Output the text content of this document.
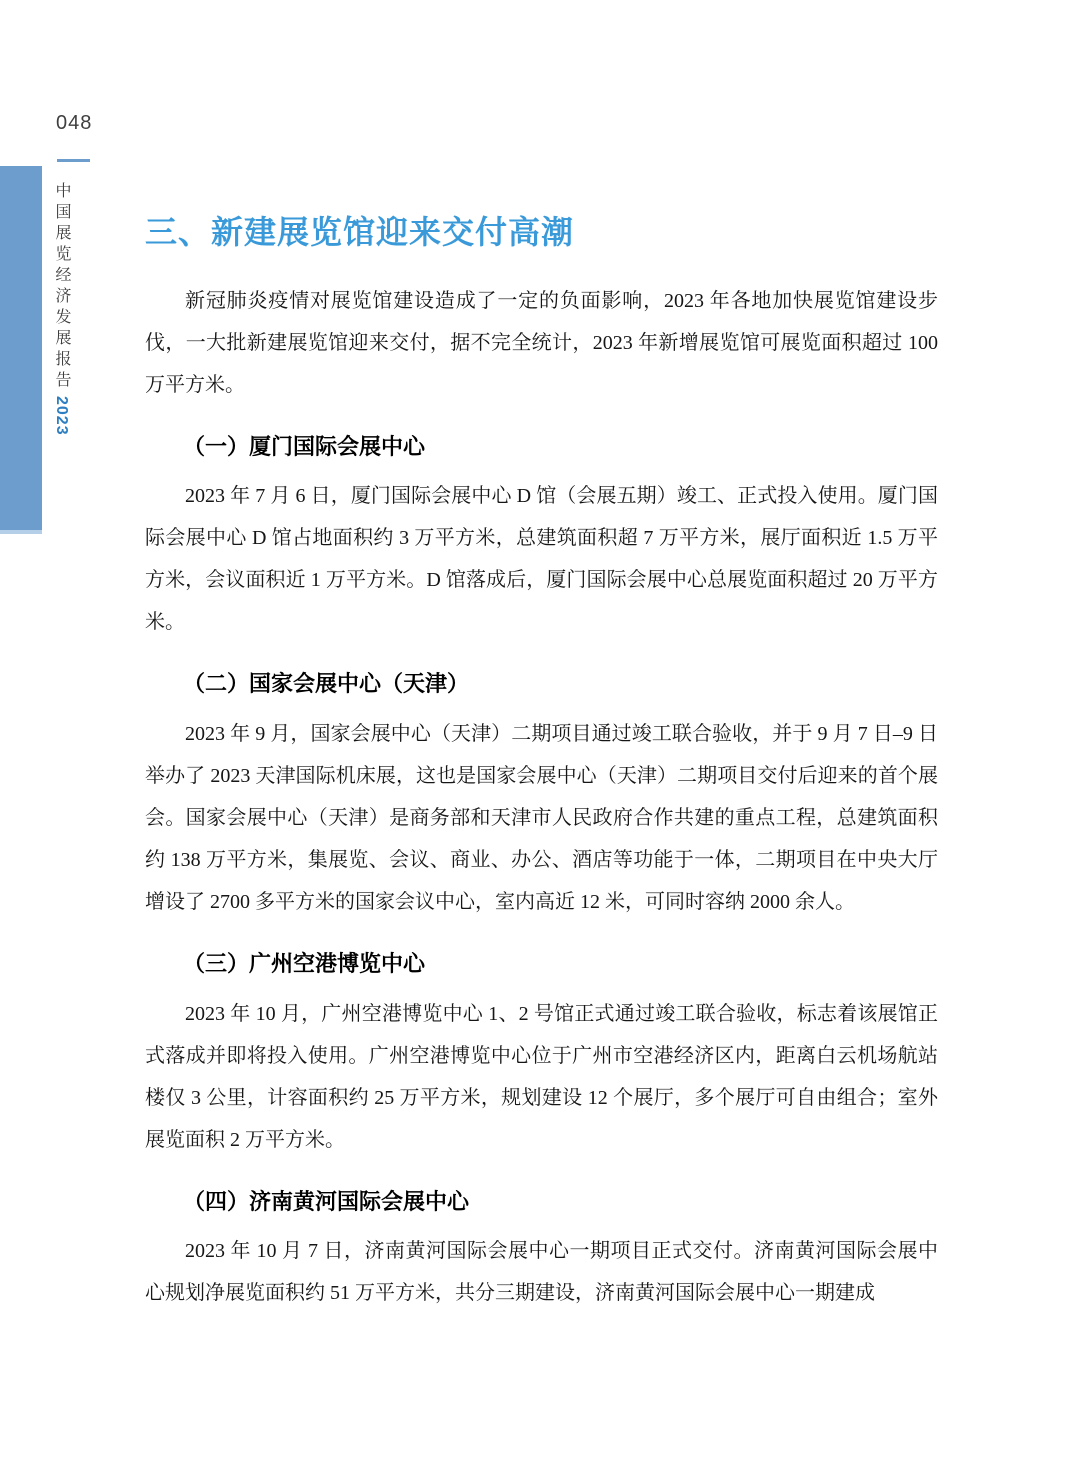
048
中国展览经济发展报告2023
三、新建展览馆迎来交付高潮

新冠肺炎疫情对展览馆建设造成了一定的负面影响，2023 年各地加快展览馆建设步伐，一大批新建展览馆迎来交付，据不完全统计，2023 年新增展览馆可展览面积超过 100 万平方米。

（一）厦门国际会展中心

2023 年 7 月 6 日，厦门国际会展中心 D 馆（会展五期）竣工、正式投入使用。厦门国际会展中心 D 馆占地面积约 3 万平方米，总建筑面积超 7 万平方米，展厅面积近 1.5 万平方米，会议面积近 1 万平方米。D 馆落成后，厦门国际会展中心总展览面积超过 20 万平方米。

（二）国家会展中心（天津）

2023 年 9 月，国家会展中心（天津）二期项目通过竣工联合验收，并于 9 月 7 日–9 日举办了 2023 天津国际机床展，这也是国家会展中心（天津）二期项目交付后迎来的首个展会。国家会展中心（天津）是商务部和天津市人民政府合作共建的重点工程，总建筑面积约 138 万平方米，集展览、会议、商业、办公、酒店等功能于一体，二期项目在中央大厅增设了 2700 多平方米的国家会议中心，室内高近 12 米，可同时容纳 2000 余人。

（三）广州空港博览中心

2023 年 10 月，广州空港博览中心 1、2 号馆正式通过竣工联合验收，标志着该展馆正式落成并即将投入使用。广州空港博览中心位于广州市空港经济区内，距离白云机场航站楼仅 3 公里，计容面积约 25 万平方米，规划建设 12 个展厅，多个展厅可自由组合；室外展览面积 2 万平方米。

（四）济南黄河国际会展中心

2023 年 10 月 7 日，济南黄河国际会展中心一期项目正式交付。济南黄河国际会展中心规划净展览面积约 51 万平方米，共分三期建设，济南黄河国际会展中心一期建成
